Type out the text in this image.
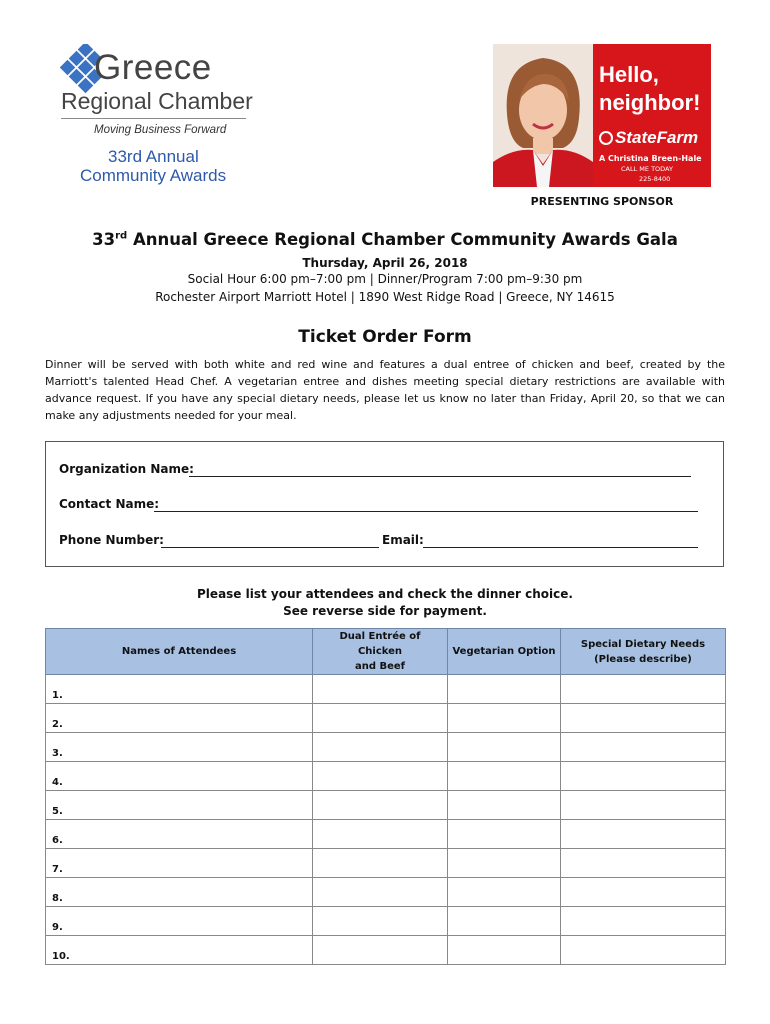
Greece
Regional Chamber
Moving Business Forward
33rd Annual
Community Awards
Hello,
neighbor!
StateFarm
A Christina Breen-Hale
CALL ME TODAY
225-8400
PRESENTING SPONSOR
33rd Annual Greece Regional Chamber Community Awards Gala
Thursday, April 26, 2018
Social Hour 6:00 pm–7:00 pm | Dinner/Program 7:00 pm–9:30 pm
Rochester Airport Marriott Hotel | 1890 West Ridge Road | Greece, NY 14615
Ticket Order Form
Dinner will be served with both white and red wine and features a dual entree of chicken and beef, created by the Marriott's talented Head Chef. A vegetarian entree and dishes meeting special dietary restrictions are available with advance request. If you have any special dietary needs, please let us know no later than Friday, April 20, so that we can make any adjustments needed for your meal.
Organization Name:
Contact Name:
Phone Number:	Email:
Please list your attendees and check the dinner choice.
See reverse side for payment.
Names of Attendees	Dual Entrée of Chicken
and Beef	Vegetarian Option	Special Dietary Needs
(Please describe)

1.			

2.			

3.			

4.			

5.			

6.			

7.			

8.			

9.			

10.			
